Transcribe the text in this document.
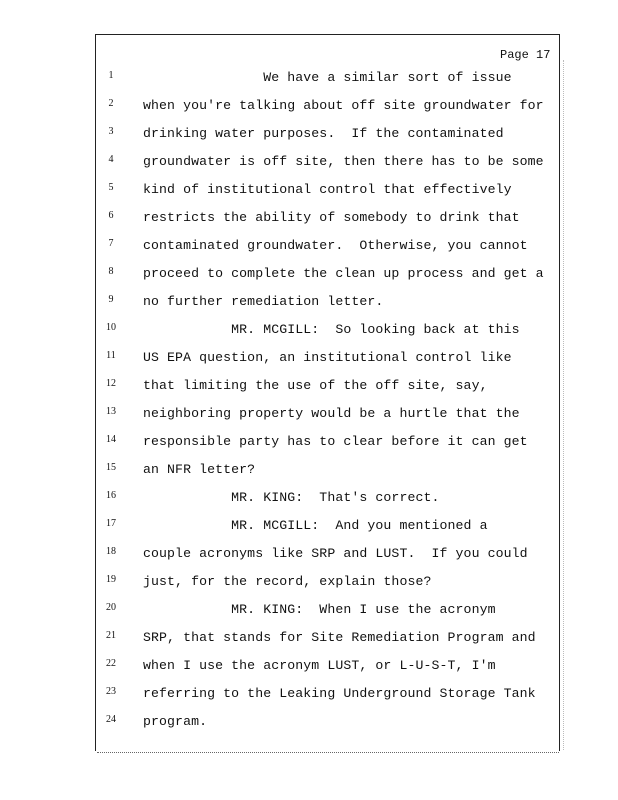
Page 17
1	We have a similar sort of issue
2	when you're talking about off site groundwater for
3	drinking water purposes.  If the contaminated
4	groundwater is off site, then there has to be some
5	kind of institutional control that effectively
6	restricts the ability of somebody to drink that
7	contaminated groundwater.  Otherwise, you cannot
8	proceed to complete the clean up process and get a
9	no further remediation letter.
10	MR. MCGILL:  So looking back at this
11	US EPA question, an institutional control like
12	that limiting the use of the off site, say,
13	neighboring property would be a hurtle that the
14	responsible party has to clear before it can get
15	an NFR letter?
16	MR. KING:  That's correct.
17	MR. MCGILL:  And you mentioned a
18	couple acronyms like SRP and LUST.  If you could
19	just, for the record, explain those?
20	MR. KING:  When I use the acronym
21	SRP, that stands for Site Remediation Program and
22	when I use the acronym LUST, or L-U-S-T, I'm
23	referring to the Leaking Underground Storage Tank
24	program.
